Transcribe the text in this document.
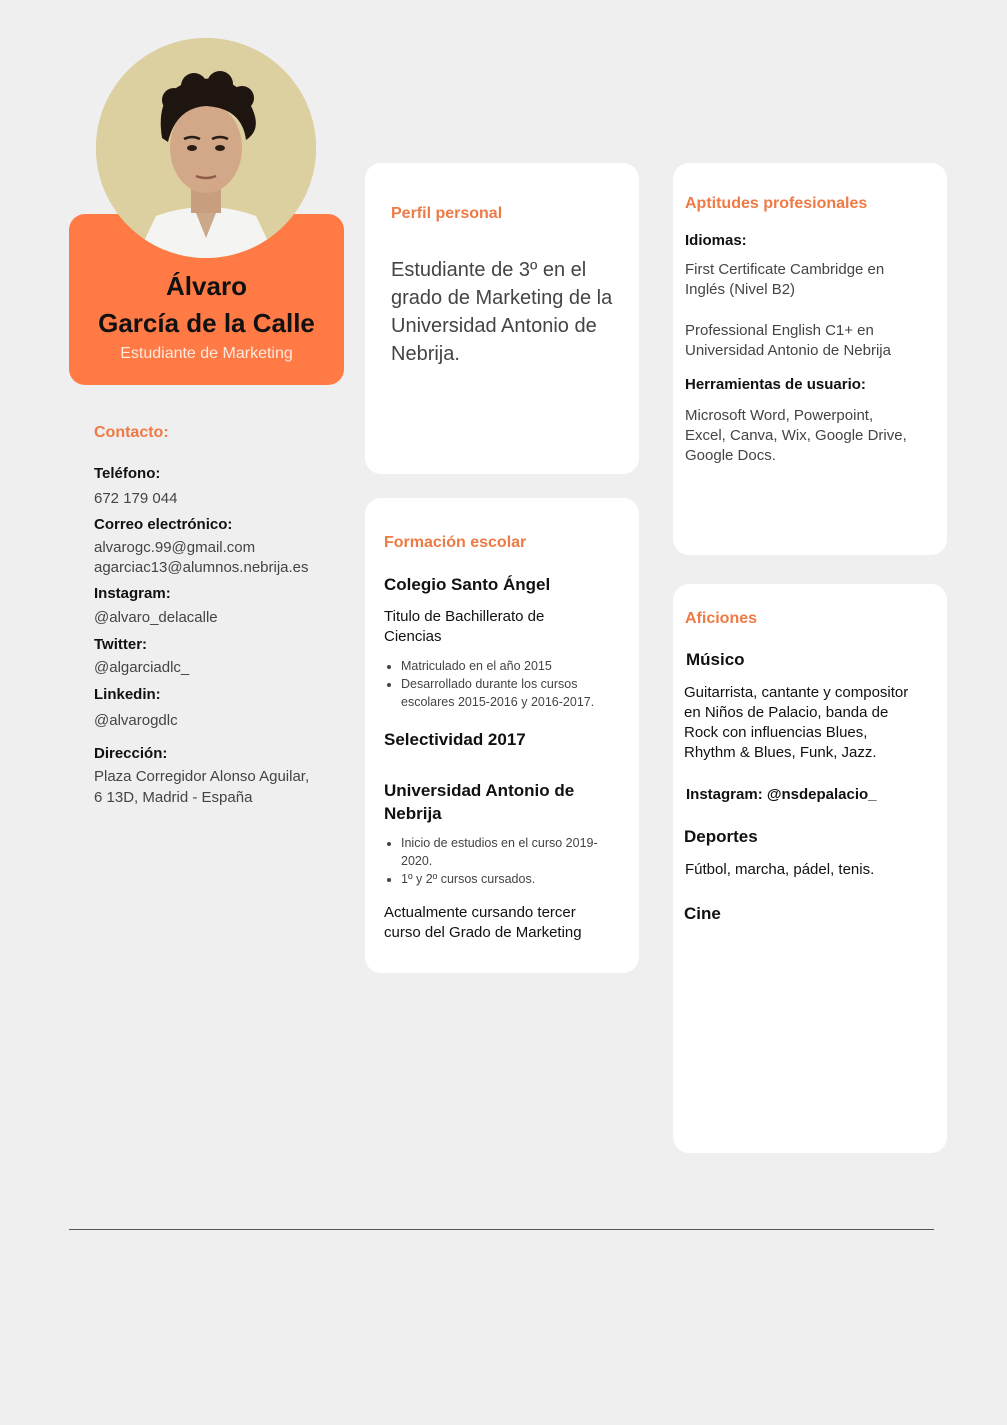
Álvaro
García de la Calle
Estudiante de Marketing
Contacto:
Teléfono:
672 179 044
Correo electrónico:
alvarogc.99@gmail.com
agarciac13@alumnos.nebrija.es
Instagram:
@alvaro_delacalle
Twitter:
@algarciadlc_
Linkedin:
@alvarogdlc
Dirección:
Plaza Corregidor Alonso Aguilar,
6 13D, Madrid - España
Perfil personal
Estudiante de 3º en el grado de Marketing de la Universidad Antonio de Nebrija.
Formación escolar
Colegio Santo Ángel
Titulo de Bachillerato de Ciencias
• Matriculado en el año 2015
• Desarrollado durante los cursos escolares 2015-2016 y 2016-2017.
Selectividad 2017
Universidad Antonio de Nebrija
• Inicio de estudios en el curso 2019-2020.
• 1º y 2º cursos cursados.
Actualmente cursando tercer curso del Grado de Marketing
Aptitudes profesionales
Idiomas:
First Certificate Cambridge en Inglés (Nivel B2)
Professional English C1+ en Universidad Antonio de Nebrija
Herramientas de usuario:
Microsoft Word, Powerpoint, Excel, Canva, Wix, Google Drive, Google Docs.
Aficiones
Músico
Guitarrista, cantante y compositor en Niños de Palacio, banda de Rock con influencias Blues, Rhythm & Blues, Funk, Jazz.
Instagram: @nsdepalacio_
Deportes
Fútbol, marcha, pádel, tenis.
Cine
